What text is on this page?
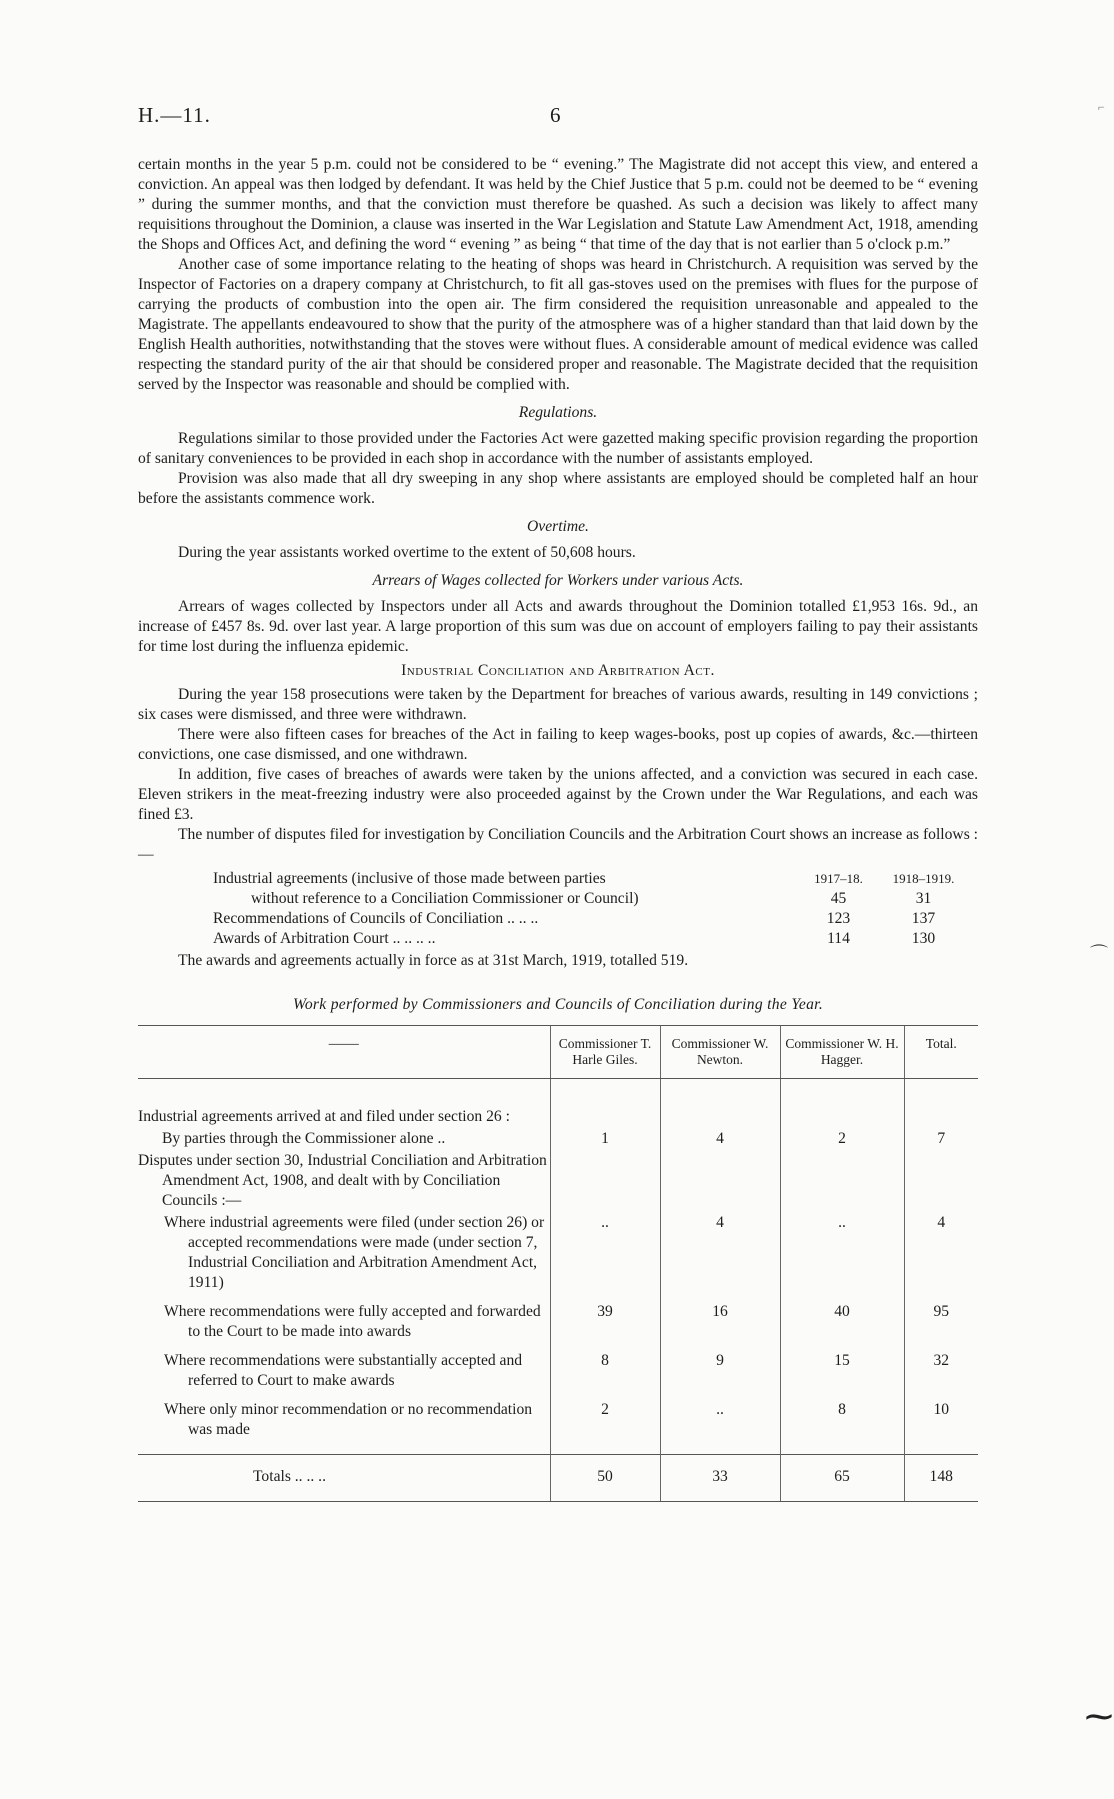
H.—11.	6

certain months in the year 5 p.m. could not be considered to be “ evening.” The Magistrate did not accept this view, and entered a conviction. An appeal was then lodged by defendant. It was held by the Chief Justice that 5 p.m. could not be deemed to be “ evening ” during the summer months, and that the conviction must therefore be quashed. As such a decision was likely to affect many requisitions throughout the Dominion, a clause was inserted in the War Legislation and Statute Law Amendment Act, 1918, amending the Shops and Offices Act, and defining the word “ evening ” as being “ that time of the day that is not earlier than 5 o'clock p.m.”

Another case of some importance relating to the heating of shops was heard in Christchurch. A requisition was served by the Inspector of Factories on a drapery company at Christchurch, to fit all gas-stoves used on the premises with flues for the purpose of carrying the products of combustion into the open air. The firm considered the requisition unreasonable and appealed to the Magistrate. The appellants endeavoured to show that the purity of the atmosphere was of a higher standard than that laid down by the English Health authorities, notwithstanding that the stoves were without flues. A considerable amount of medical evidence was called respecting the standard purity of the air that should be considered proper and reasonable. The Magistrate decided that the requisition served by the Inspector was reasonable and should be complied with.

Regulations.

Regulations similar to those provided under the Factories Act were gazetted making specific provision regarding the proportion of sanitary conveniences to be provided in each shop in accordance with the number of assistants employed.

Provision was also made that all dry sweeping in any shop where assistants are employed should be completed half an hour before the assistants commence work.

Overtime.

During the year assistants worked overtime to the extent of 50,608 hours.

Arrears of Wages collected for Workers under various Acts.

Arrears of wages collected by Inspectors under all Acts and awards throughout the Dominion totalled £1,953 16s. 9d., an increase of £457 8s. 9d. over last year. A large proportion of this sum was due on account of employers failing to pay their assistants for time lost during the influenza epidemic.

Industrial Conciliation and Arbitration Act.

During the year 158 prosecutions were taken by the Department for breaches of various awards, resulting in 149 convictions ; six cases were dismissed, and three were withdrawn.

There were also fifteen cases for breaches of the Act in failing to keep wages-books, post up copies of awards, &c.—thirteen convictions, one case dismissed, and one withdrawn.

In addition, five cases of breaches of awards were taken by the unions affected, and a conviction was secured in each case. Eleven strikers in the meat-freezing industry were also proceeded against by the Crown under the War Regulations, and each was fined £3.

The number of disputes filed for investigation by Conciliation Councils and the Arbitration Court shows an increase as follows :—

Industrial agreements (inclusive of those made between parties	1917–18.	1918–1919.
without reference to a Conciliation Commissioner or Council)	45	31
Recommendations of Councils of Conciliation .. .. ..	123	137
Awards of Arbitration Court .. .. .. ..	114	130

The awards and agreements actually in force as at 31st March, 1919, totalled 519.

Work performed by Commissioners and Councils of Conciliation during the Year.
——	Commissioner T. Harle Giles.	Commissioner W. Newton.	Commissioner W. H. Hagger.	Total.
Industrial agreements arrived at and filed under section 26 :				
By parties through the Commissioner alone ..	1	4	2	7
Disputes under section 30, Industrial Conciliation and Arbitration Amendment Act, 1908, and dealt with by Conciliation Councils :—				
Where industrial agreements were filed (under section 26) or accepted recommendations were made (under section 7, Industrial Conciliation and Arbitration Amendment Act, 1911)	..	4	..	4
Where recommendations were fully accepted and forwarded to the Court to be made into awards	39	16	40	95
Where recommendations were substantially accepted and referred to Court to make awards	8	9	15	32
Where only minor recommendation or no recommendation was made	2	..	8	10
Totals .. .. ..	50	33	65	148
⌐
⌒
⁓
